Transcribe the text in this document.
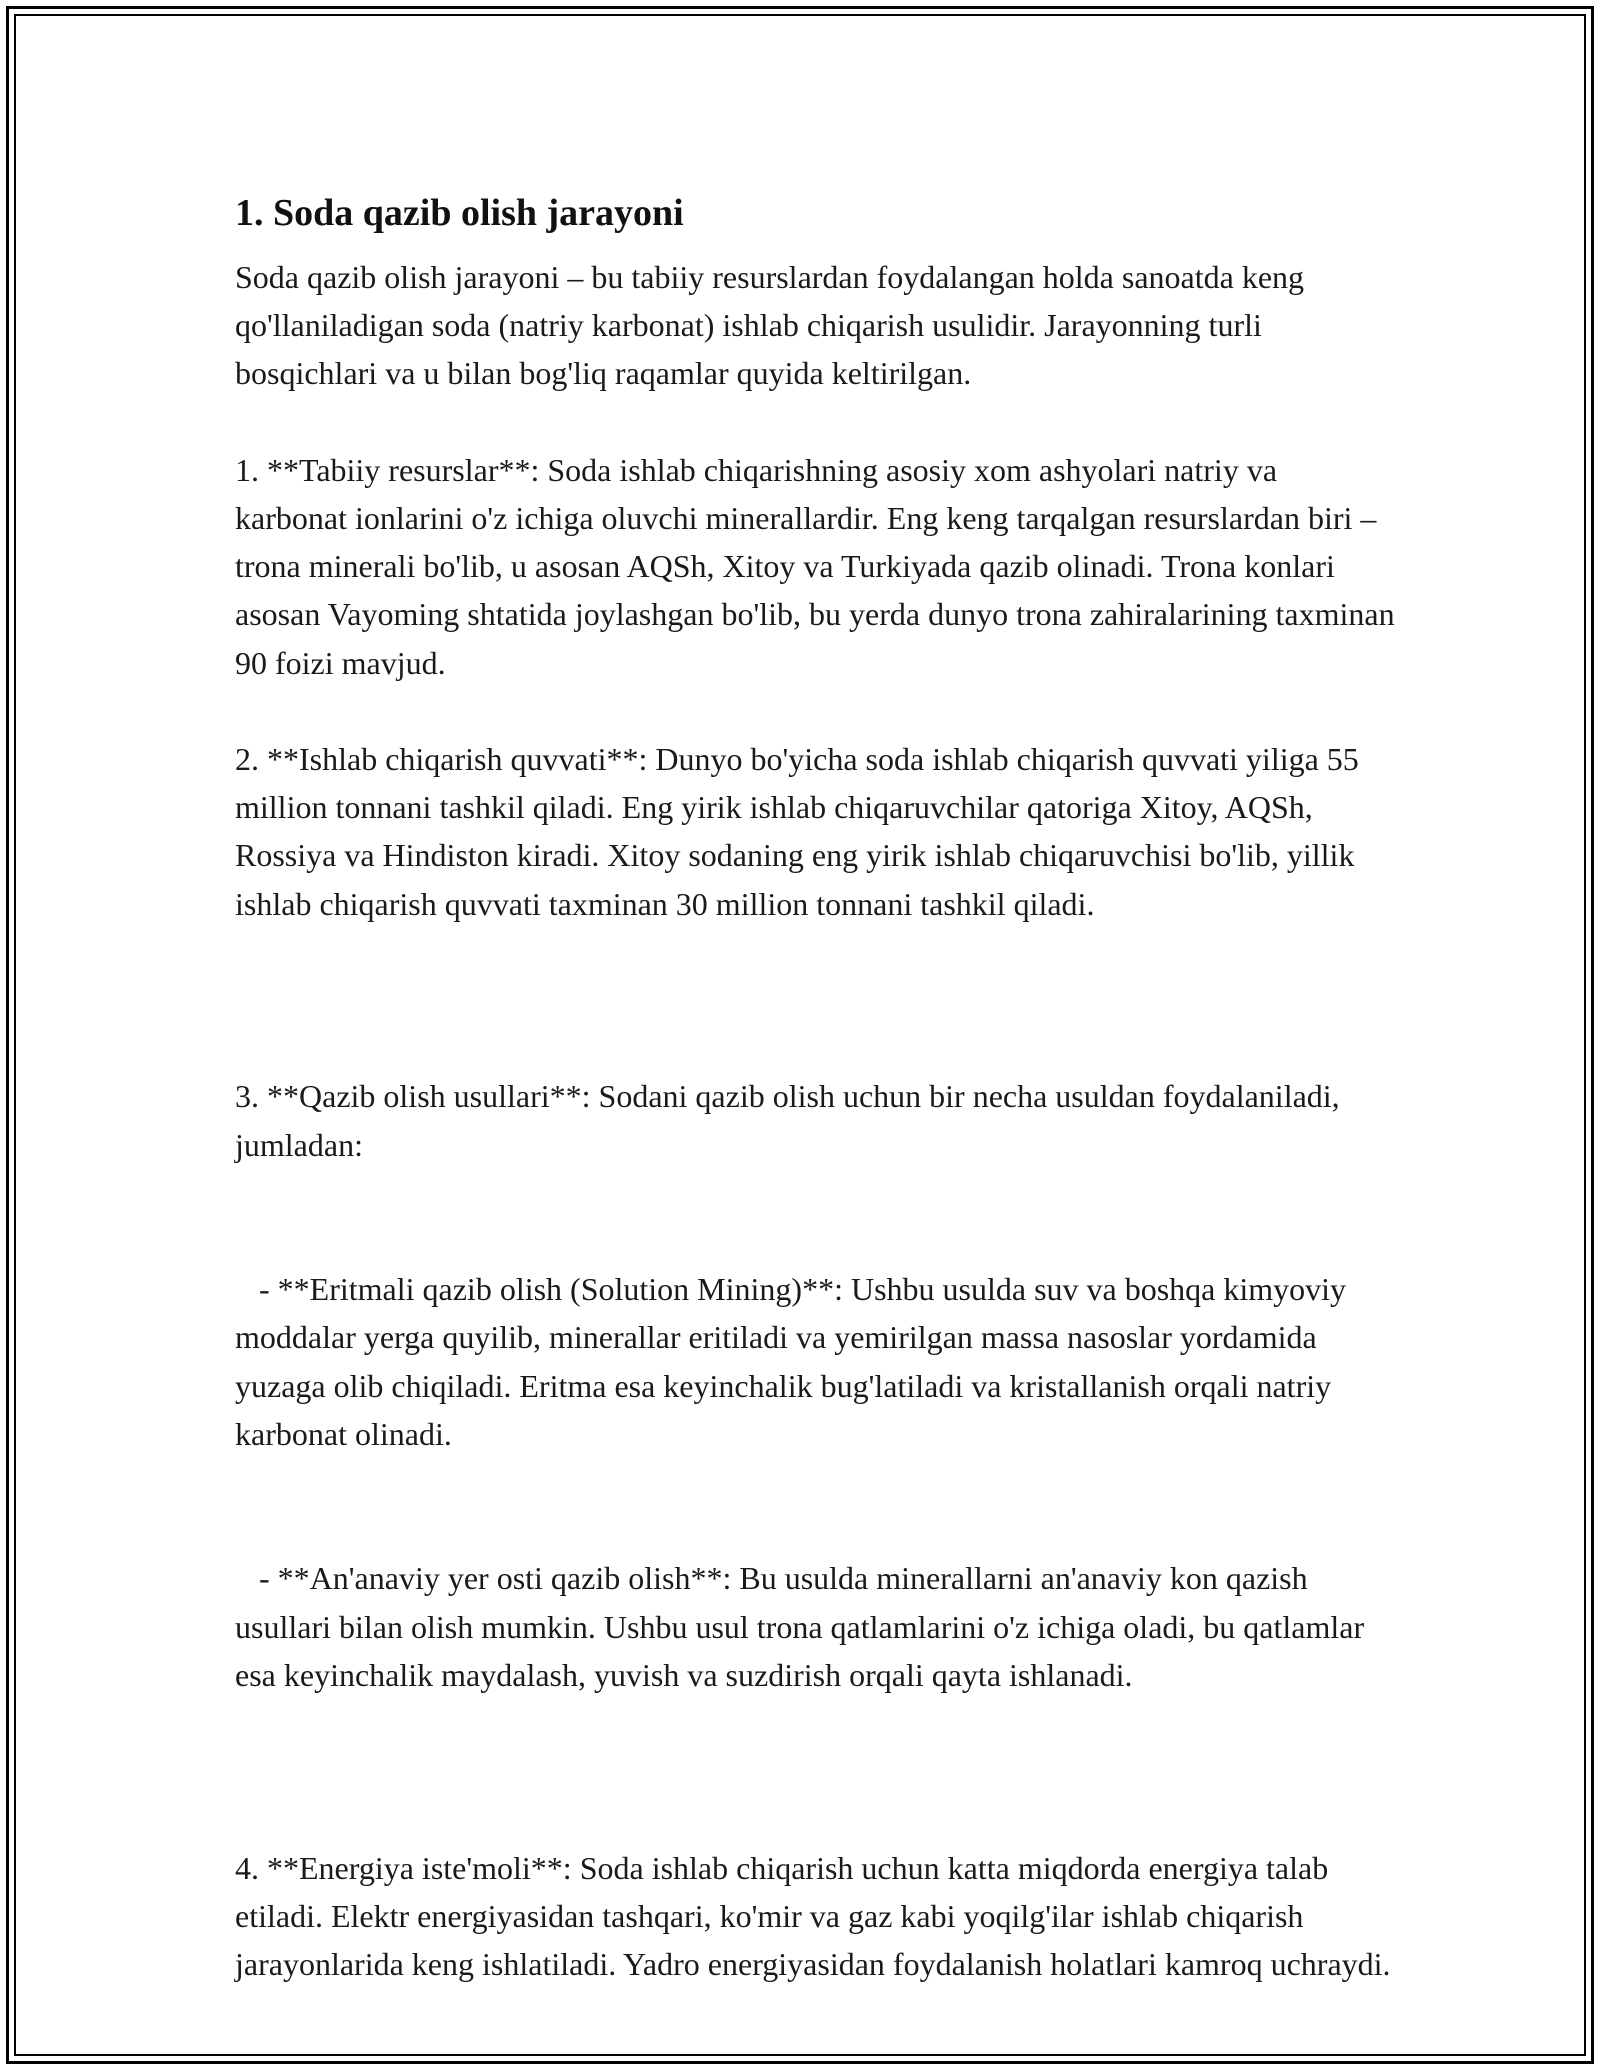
1. Soda qazib olish jarayoni

Soda qazib olish jarayoni – bu tabiiy resurslardan foydalangan holda sanoatda keng qo'llaniladigan soda (natriy karbonat) ishlab chiqarish usulidir. Jarayonning turli bosqichlari va u bilan bog'liq raqamlar quyida keltirilgan.

1. **Tabiiy resurslar**: Soda ishlab chiqarishning asosiy xom ashyolari natriy va karbonat ionlarini o'z ichiga oluvchi minerallardir. Eng keng tarqalgan resurslardan biri – trona minerali bo'lib, u asosan AQSh, Xitoy va Turkiyada qazib olinadi. Trona konlari asosan Vayoming shtatida joylashgan bo'lib, bu yerda dunyo trona zahiralarining taxminan 90 foizi mavjud.

2. **Ishlab chiqarish quvvati**: Dunyo bo'yicha soda ishlab chiqarish quvvati yiliga 55 million tonnani tashkil qiladi. Eng yirik ishlab chiqaruvchilar qatoriga Xitoy, AQSh, Rossiya va Hindiston kiradi. Xitoy sodaning eng yirik ishlab chiqaruvchisi bo'lib, yillik ishlab chiqarish quvvati taxminan 30 million tonnani tashkil qiladi.

3. **Qazib olish usullari**: Sodani qazib olish uchun bir necha usuldan foydalaniladi, jumladan:

- **Eritmali qazib olish (Solution Mining)**: Ushbu usulda suv va boshqa kimyoviy moddalar yerga quyilib, minerallar eritiladi va yemirilgan massa nasoslar yordamida yuzaga olib chiqiladi. Eritma esa keyinchalik bug'latiladi va kristallanish orqali natriy karbonat olinadi.

- **An'anaviy yer osti qazib olish**: Bu usulda minerallarni an'anaviy kon qazish usullari bilan olish mumkin. Ushbu usul trona qatlamlarini o'z ichiga oladi, bu qatlamlar esa keyinchalik maydalash, yuvish va suzdirish orqali qayta ishlanadi.

4. **Energiya iste'moli**: Soda ishlab chiqarish uchun katta miqdorda energiya talab etiladi. Elektr energiyasidan tashqari, ko'mir va gaz kabi yoqilg'ilar ishlab chiqarish jarayonlarida keng ishlatiladi. Yadro energiyasidan foydalanish holatlari kamroq uchraydi.
